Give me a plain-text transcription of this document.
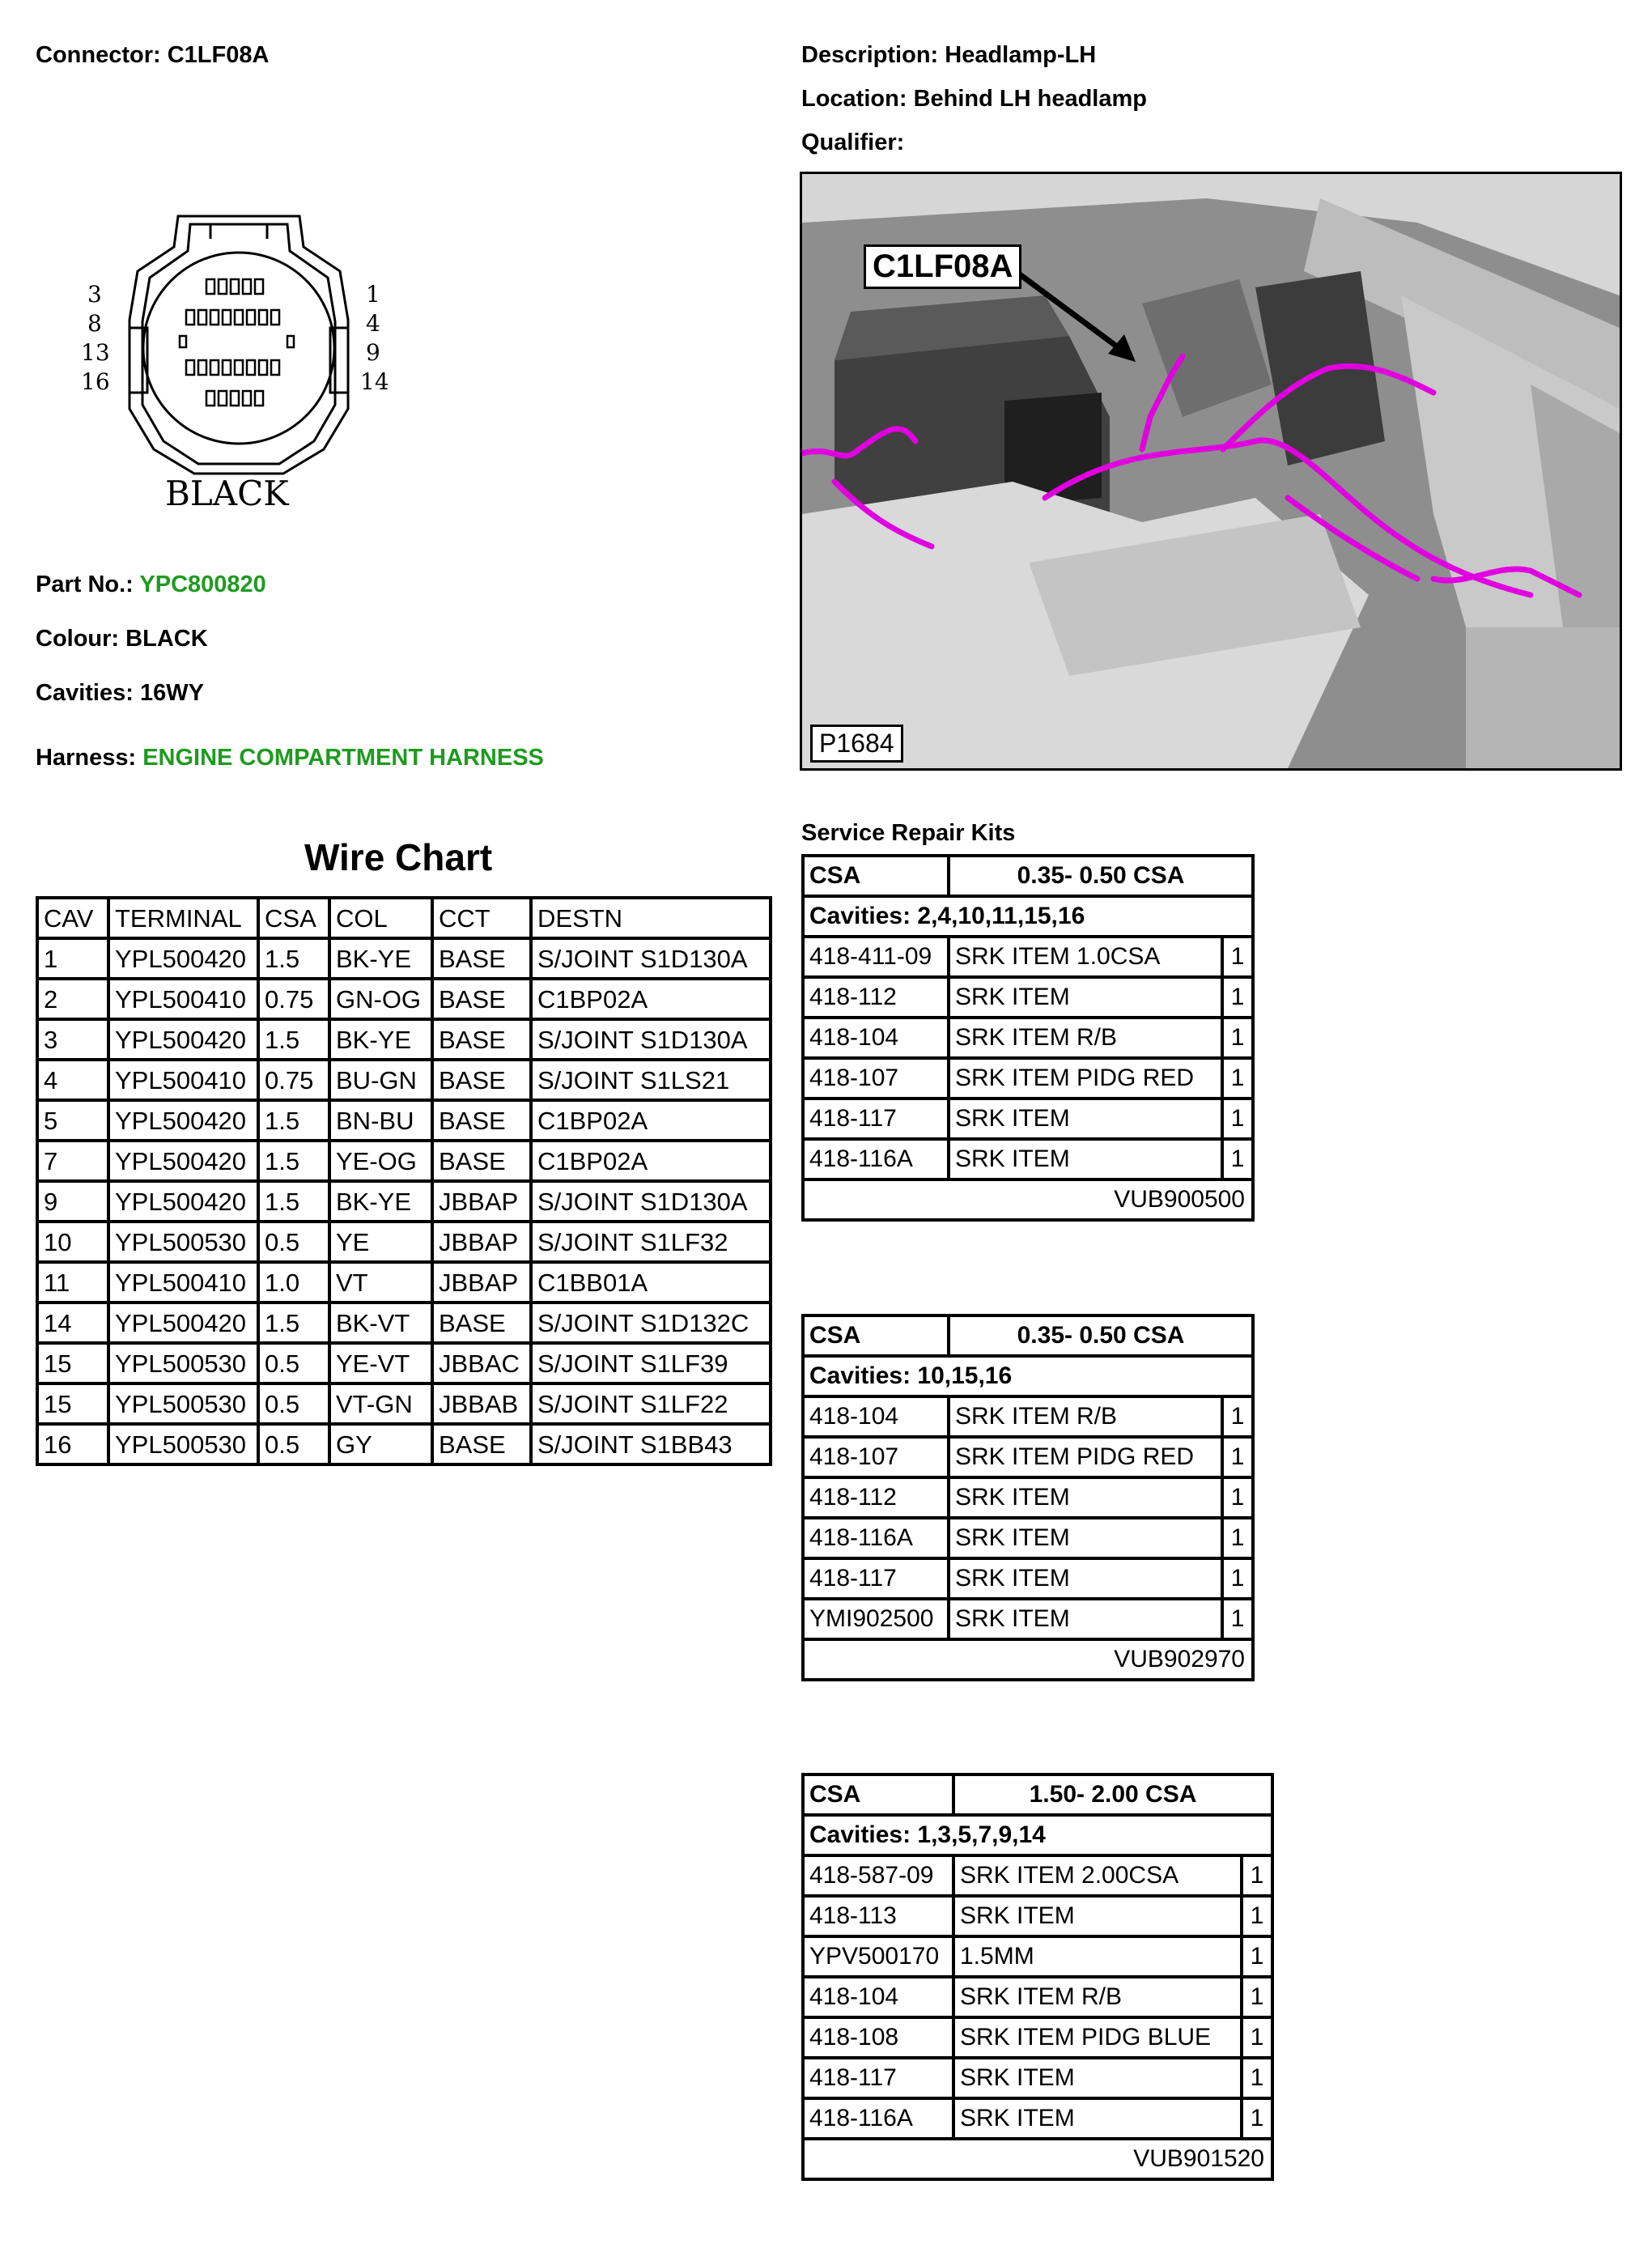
Connector: C1LF08A	Description: Headlamp-LH
Location: Behind LH headlamp
Qualifier:
3
8
13
16
1
4
9
14
BLACK
C1LF08A
P1684
Part No.: YPC800820
Colour: BLACK
Cavities: 16WY
Harness: ENGINE COMPARTMENT HARNESS
Wire Chart
CAV	TERMINAL	CSA	COL	CCT	DESTN
1	YPL500420	1.5	BK-YE	BASE	S/JOINT S1D130A
2	YPL500410	0.75	GN-OG	BASE	C1BP02A
3	YPL500420	1.5	BK-YE	BASE	S/JOINT S1D130A
4	YPL500410	0.75	BU-GN	BASE	S/JOINT S1LS21
5	YPL500420	1.5	BN-BU	BASE	C1BP02A
7	YPL500420	1.5	YE-OG	BASE	C1BP02A
9	YPL500420	1.5	BK-YE	JBBAP	S/JOINT S1D130A
10	YPL500530	0.5	YE	JBBAP	S/JOINT S1LF32
11	YPL500410	1.0	VT	JBBAP	C1BB01A
14	YPL500420	1.5	BK-VT	BASE	S/JOINT S1D132C
15	YPL500530	0.5	YE-VT	JBBAC	S/JOINT S1LF39
15	YPL500530	0.5	VT-GN	JBBAB	S/JOINT S1LF22
16	YPL500530	0.5	GY	BASE	S/JOINT S1BB43
Service Repair Kits
CSA	0.35- 0.50 CSA	
Cavities: 2,4,10,11,15,16		
418-411-09	SRK ITEM 1.0CSA	1
418-112	SRK ITEM	1
418-104	SRK ITEM R/B	1
418-107	SRK ITEM PIDG RED	1
418-117	SRK ITEM	1
418-116A	SRK ITEM	1
VUB900500		
CSA	0.35- 0.50 CSA	
Cavities: 10,15,16		
418-104	SRK ITEM R/B	1
418-107	SRK ITEM PIDG RED	1
418-112	SRK ITEM	1
418-116A	SRK ITEM	1
418-117	SRK ITEM	1
YMI902500	SRK ITEM	1
VUB902970		
CSA	1.50- 2.00 CSA	
Cavities: 1,3,5,7,9,14		
418-587-09	SRK ITEM 2.00CSA	1
418-113	SRK ITEM	1
YPV500170	1.5MM	1
418-104	SRK ITEM R/B	1
418-108	SRK ITEM PIDG BLUE	1
418-117	SRK ITEM	1
418-116A	SRK ITEM	1
VUB901520		
